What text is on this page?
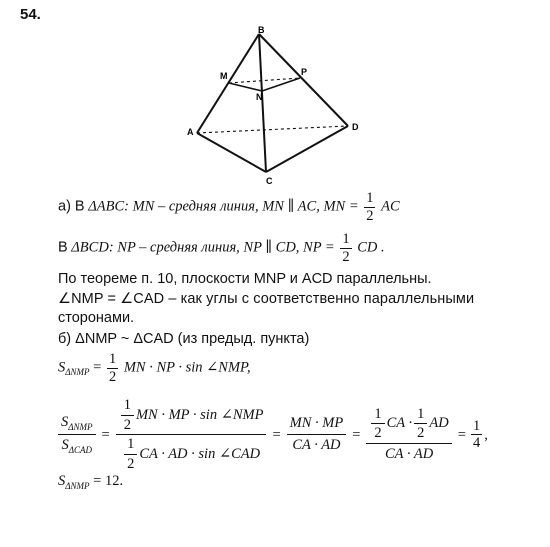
54.
B
M	P
N
A	D
C
а) В ΔABC: MN – средняя линия, MN ∥ AC, MN = $\frac{1}{2}$ AC
В ΔBCD: NP – средняя линия, NP ∥ CD, NP = $\frac{1}{2}$ CD .
По теореме п. 10, плоскости MNP и ACD параллельны.
∠NMP = ∠CAD – как углы с соответственно параллельными
сторонами.
б) ΔNMP ~ ΔCAD (из предыд. пункта)
$S_{\Delta NMP} = \frac{1}{2}$ MN · NP · sin ∠NMP,
$\frac{S_{\Delta NMP}}{S_{\Delta CAD}} = \frac{\frac{1}{2} MN \cdot MP \cdot \sin \angle NMP}{\frac{1}{2} CA \cdot AD \cdot \sin \angle CAD} = \frac{MN \cdot MP}{CA \cdot AD} = \frac{\frac{1}{2} CA \cdot \frac{1}{2} AD}{CA \cdot AD} = \frac{1}{4}$ ,
$S_{\Delta NMP} = 12$.
